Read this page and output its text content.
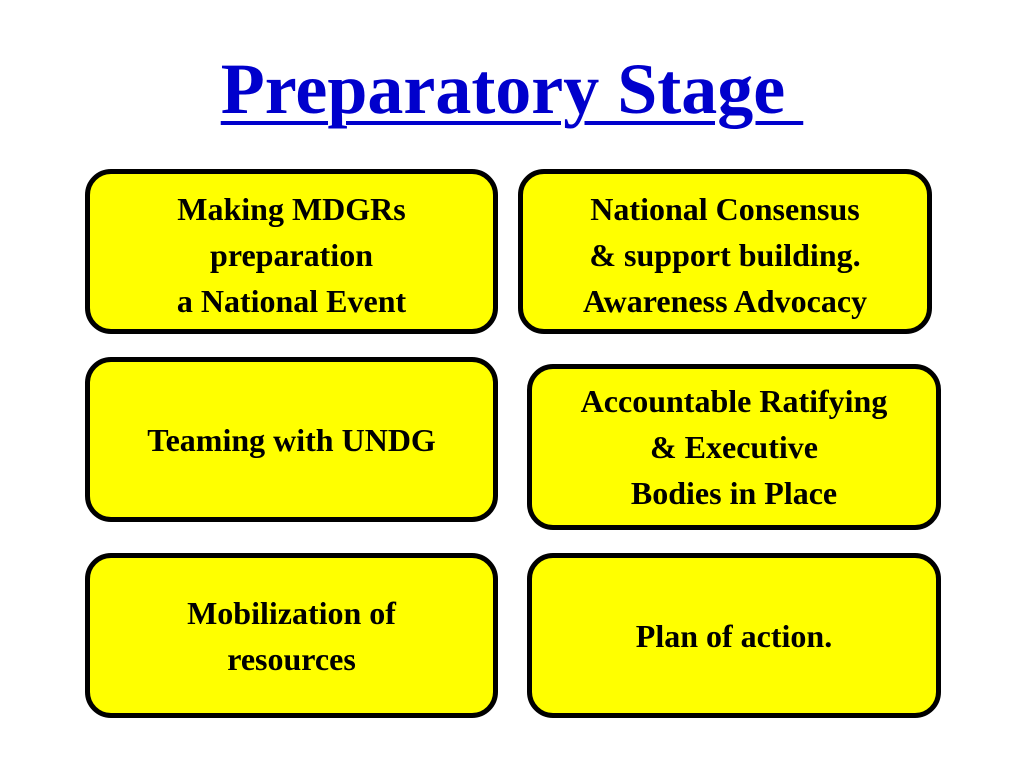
Preparatory Stage
Making MDGRs
preparation
a National Event
National Consensus
& support building.
Awareness Advocacy
Teaming with UNDG
Accountable Ratifying
& Executive
Bodies in Place
Mobilization of
resources
Plan of action.
